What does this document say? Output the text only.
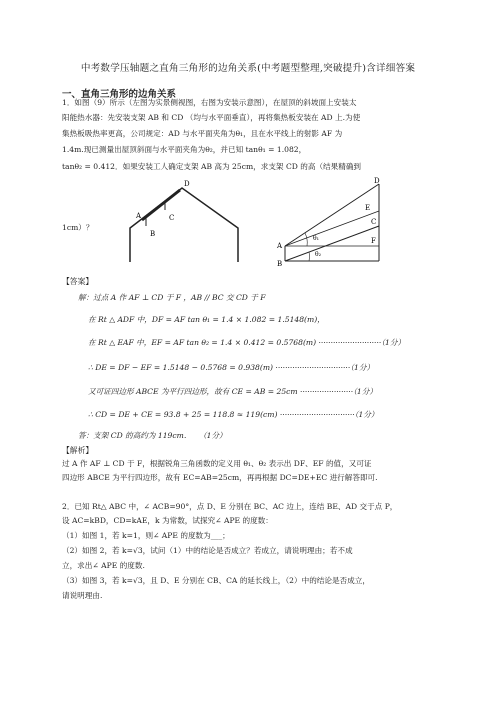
中考数学压轴题之直角三角形的边角关系(中考题型整理,突破提升)含详细答案
一、直角三角形的边角关系
1．如图（9）所示（左图为实景侧视图，右图为安装示意图），在屋顶的斜坡面上安装太
阳能热水器：先安装支架 AB 和 CD （均与水平面垂直），再将集热板安装在 AD 上.为使
集热板吸热率更高，公司规定：AD 与水平面夹角为θ₁，且在水平线上的射影 AF 为
1.4m.现已测量出屋顶斜面与水平面夹角为θ₂，并已知 tanθ₁ = 1.082，
tanθ₂ = 0.412．如果安装工人确定支架 AB 高为 25cm，求支架 CD 的高（结果精确到
1cm）？
D
A
B
C
D
E
C
F
A
B
θ₁
θ₂
【答案】
解：过点 A 作 AF ⊥ CD 于 F ，AB // BC 交 CD 于 F
在 Rt △ ADF 中，DF = AF tan θ₁ = 1.4 × 1.082 = 1.5148(m)，
在 Rt △ EAF 中，EF = AF tan θ₂ = 1.4 × 0.412 = 0.5768(m) ··························（1分）
∴ DE = DF − EF = 1.5148 − 0.5768 = 0.938(m) ·······························（1分）
又可证四边形 ABCE 为平行四边形，故有 CE = AB = 25cm ······················（1分）
∴ CD = DE + CE = 93.8 + 25 = 118.8 ≈ 119(cm) ·······························（1分）
答：支架 CD 的高约为 119cm．　　（1分）
【解析】
过 A 作 AF ⊥ CD 于 F，根据锐角三角函数的定义用 θ₁、θ₂ 表示出 DF、EF 的值，又可证
四边形 ABCE 为平行四边形，故有 EC=AB=25cm，再再根据 DC=DE+EC 进行解答即可.
2．已知 Rt△ ABC 中，∠ ACB=90°，点 D、E 分别在 BC、AC 边上，连结 BE、AD 交于点 P，
设 AC=kBD，CD=kAE，k 为常数，试探究∠ APE 的度数：
（1）如图 1，若 k=1，则∠ APE 的度数为___；
（2）如图 2，若 k=√3，试问（1）中的结论是否成立？若成立，请说明理由；若不成
立，求出∠ APE 的度数.
（3）如图 3，若 k=√3，且 D、E 分别在 CB、CA 的延长线上，（2）中的结论是否成立，
请说明理由.
